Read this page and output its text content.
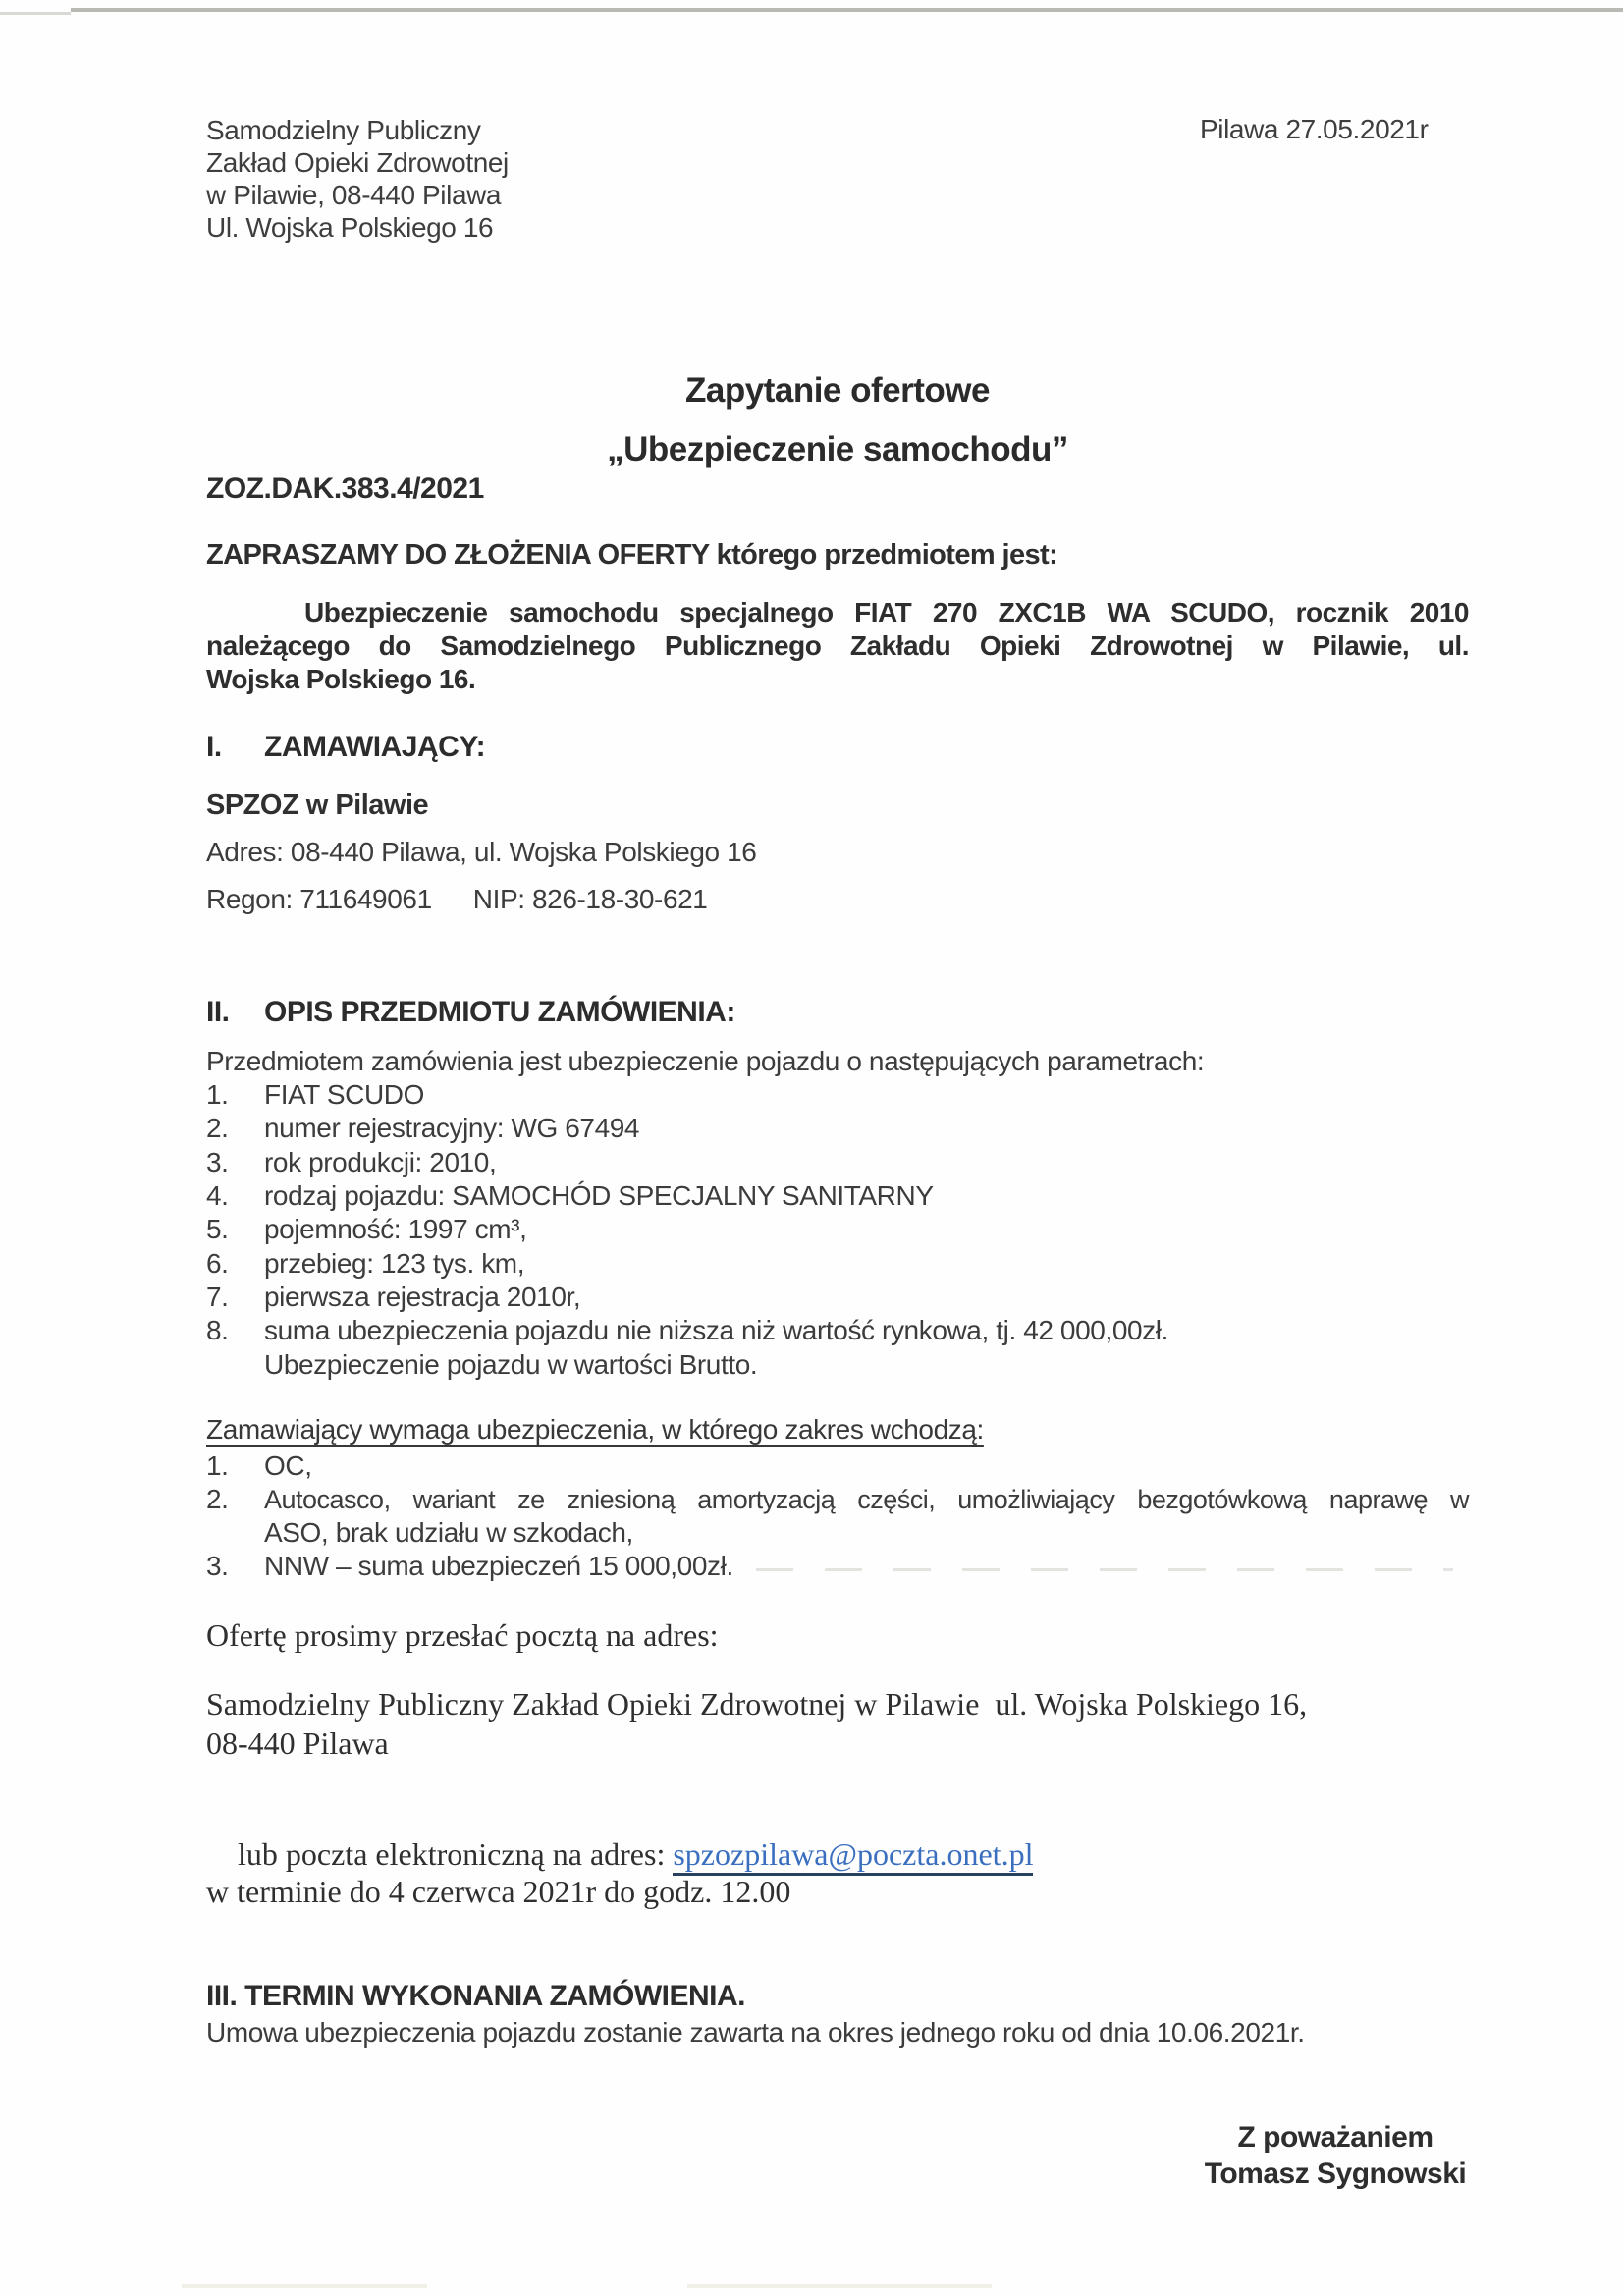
Samodzielny Publiczny
Zakład Opieki Zdrowotnej
w Pilawie, 08-440 Pilawa
Ul. Wojska Polskiego 16
Pilawa 27.05.2021r
Zapytanie ofertowe
„Ubezpieczenie samochodu”
ZOZ.DAK.383.4/2021
ZAPRASZAMY DO ZŁOŻENIA OFERTY którego przedmiotem jest:
Ubezpieczenie samochodu specjalnego FIAT 270 ZXC1B WA SCUDO, rocznik 2010
należącego do Samodzielnego Publicznego Zakładu Opieki Zdrowotnej w Pilawie, ul.
Wojska Polskiego 16.
I. ZAMAWIAJĄCY:
SPZOZ w Pilawie
Adres: 08-440 Pilawa, ul. Wojska Polskiego 16
Regon: 711649061 NIP: 826-18-30-621
II. OPIS PRZEDMIOTU ZAMÓWIENIA:
Przedmiotem zamówienia jest ubezpieczenie pojazdu o następujących parametrach:
1.	FIAT SCUDO
2.	numer rejestracyjny: WG 67494
3.	rok produkcji: 2010,
4.	rodzaj pojazdu: SAMOCHÓD SPECJALNY SANITARNY
5.	pojemność: 1997 cm³,
6.	przebieg: 123 tys. km,
7.	pierwsza rejestracja 2010r,
8.	suma ubezpieczenia pojazdu nie niższa niż wartość rynkowa, tj. 42 000,00zł.
Ubezpieczenie pojazdu w wartości Brutto.
Zamawiający wymaga ubezpieczenia, w którego zakres wchodzą:
1.	OC,
2.	Autocasco, wariant ze zniesioną amortyzacją części, umożliwiający bezgotówkową naprawę w
ASO, brak udziału w szkodach,
3.	NNW – suma ubezpieczeń 15 000,00zł.
Ofertę prosimy przesłać pocztą na adres:
Samodzielny Publiczny Zakład Opieki Zdrowotnej w Pilawie  ul. Wojska Polskiego 16,
08-440 Pilawa

lub poczta elektroniczną na adres: spzozpilawa@poczta.onet.pl

w terminie do 4 czerwca 2021r do godz. 12.00
III. TERMIN WYKONANIA ZAMÓWIENIA.
Umowa ubezpieczenia pojazdu zostanie zawarta na okres jednego roku od dnia 10.06.2021r.
Z poważaniem
Tomasz Sygnowski
